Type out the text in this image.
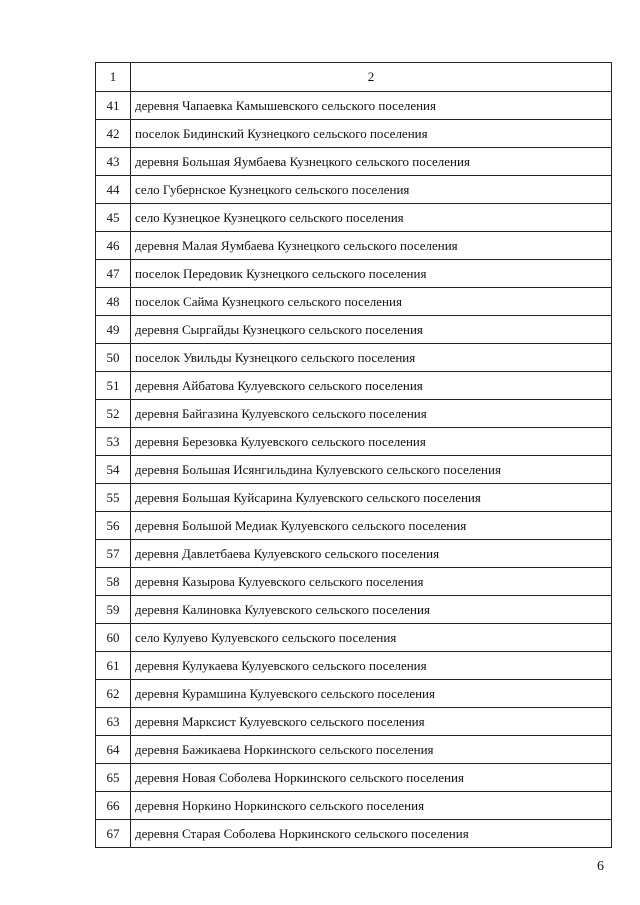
1	2
41	деревня Чапаевка Камышевского сельского поселения
42	поселок Бидинский Кузнецкого сельского поселения
43	деревня Большая Яумбаева Кузнецкого сельского поселения
44	село Губернское Кузнецкого сельского поселения
45	село Кузнецкое Кузнецкого сельского поселения
46	деревня Малая Яумбаева Кузнецкого сельского поселения
47	поселок Передовик Кузнецкого сельского поселения
48	поселок Сайма Кузнецкого сельского поселения
49	деревня Сыргайды Кузнецкого сельского поселения
50	поселок Увильды Кузнецкого сельского поселения
51	деревня Айбатова Кулуевского сельского поселения
52	деревня Байгазина Кулуевского сельского поселения
53	деревня Березовка Кулуевского сельского поселения
54	деревня Большая Исянгильдина Кулуевского сельского поселения
55	деревня Большая Куйсарина Кулуевского сельского поселения
56	деревня Большой Медиак Кулуевского сельского поселения
57	деревня Давлетбаева Кулуевского сельского поселения
58	деревня Казырова Кулуевского сельского поселения
59	деревня Калиновка Кулуевского сельского поселения
60	село Кулуево Кулуевского сельского поселения
61	деревня Кулукаева Кулуевского сельского поселения
62	деревня Курамшина Кулуевского сельского поселения
63	деревня Марксист Кулуевского сельского поселения
64	деревня Бажикаева Норкинского сельского поселения
65	деревня Новая Соболева Норкинского сельского поселения
66	деревня Норкино Норкинского сельского поселения
67	деревня Старая Соболева Норкинского сельского поселения
6
